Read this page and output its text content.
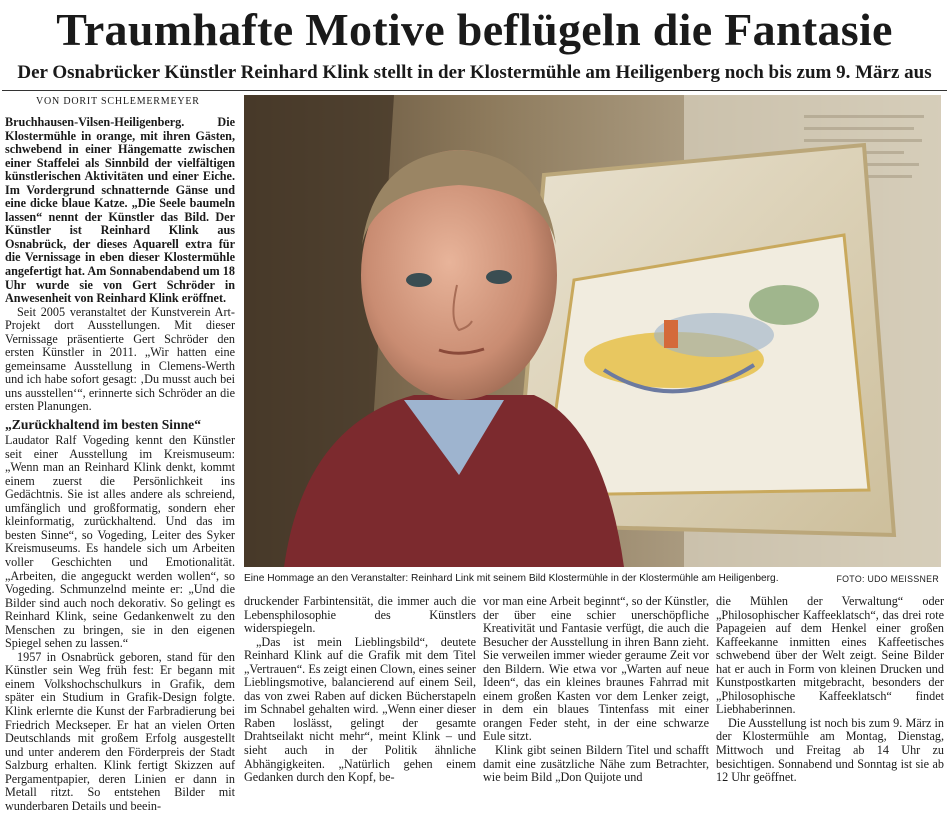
Traumhafte Motive beflügeln die Fantasie
Der Osnabrücker Künstler Reinhard Klink stellt in der Klostermühle am Heiligenberg noch bis zum 9. März aus
VON DORIT SCHLEMERMEYER

Bruchhausen-Vilsen-Heiligenberg. Die Klostermühle in orange, mit ihren Gästen, schwebend in einer Hängematte zwischen einer Staffelei als Sinnbild der vielfältigen künstlerischen Aktivitäten und einer Eiche. Im Vordergrund schnatternde Gänse und eine dicke blaue Katze. „Die Seele baumeln lassen“ nennt der Künstler das Bild. Der Künstler ist Reinhard Klink aus Osnabrück, der dieses Aquarell extra für die Vernissage in eben dieser Klostermühle angefertigt hat. Am Sonnabendabend um 18 Uhr wurde sie von Gert Schröder in Anwesenheit von Reinhard Klink eröffnet.

Seit 2005 veranstaltet der Kunstverein Art-Projekt dort Ausstellungen. Mit dieser Vernissage präsentierte Gert Schröder den ersten Künstler in 2011. „Wir hatten eine gemeinsame Ausstellung in Clemens-Werth und ich habe sofort gesagt: ‚Du musst auch bei uns ausstellen‘“, erinnerte sich Schröder an die ersten Planungen.

„Zurückhaltend im besten Sinne“

Laudator Ralf Vogeding kennt den Künstler seit einer Ausstellung im Kreismuseum: „Wenn man an Reinhard Klink denkt, kommt einem zuerst die Persönlichkeit ins Gedächtnis. Sie ist alles andere als schreiend, umfänglich und großformatig, sondern eher kleinformatig, zurückhaltend. Und das im besten Sinne“, so Vogeding, Leiter des Syker Kreismuseums. Es handele sich um Arbeiten voller Geschichten und Emotionalität. „Arbeiten, die angeguckt werden wollen“, so Vogeding. Schmunzelnd meinte er: „Und die Bilder sind auch noch dekorativ. So gelingt es Reinhard Klink, seine Gedankenwelt zu den Menschen zu bringen, sie in den eigenen Spiegel sehen zu lassen.“

1957 in Osnabrück geboren, stand für den Künstler sein Weg früh fest: Er begann mit einem Volkshochschulkurs in Grafik, dem später ein Studium in Grafik-Design folgte. Klink erlernte die Kunst der Farbradierung bei Friedrich Meckseper. Er hat an vielen Orten Deutschlands mit großem Erfolg ausgestellt und unter anderem den Förderpreis der Stadt Salzburg erhalten. Klink fertigt Skizzen auf Pergamentpapier, deren Linien er dann in Metall ritzt. So entstehen Bilder mit wunderbaren Details und beein-

Eine Hommage an den Veranstalter: Reinhard Link mit seinem Bild Klostermühle in der Klostermühle am Heiligenberg.	FOTO: UDO MEISSNER

druckender Farbintensität, die immer auch die Lebensphilosophie des Künstlers widerspiegeln.

„Das ist mein Lieblingsbild“, deutete Reinhard Klink auf die Grafik mit dem Titel „Vertrauen“. Es zeigt einen Clown, eines seiner Lieblingsmotive, balancierend auf einem Seil, das von zwei Raben auf dicken Bücherstapeln im Schnabel gehalten wird. „Wenn einer dieser Raben loslässt, gelingt der gesamte Drahtseilakt nicht mehr“, meint Klink – und sieht auch in der Politik ähnliche Abhängigkeiten. „Natürlich gehen einem Gedanken durch den Kopf, be-

vor man eine Arbeit beginnt“, so der Künstler, der über eine schier unerschöpfliche Kreativität und Fantasie verfügt, die auch die Besucher der Ausstellung in ihren Bann zieht. Sie verweilen immer wieder geraume Zeit vor den Bildern. Wie etwa vor „Warten auf neue Ideen“, das ein kleines braunes Fahrrad mit einem großen Kasten vor dem Lenker zeigt, in dem ein blaues Tintenfass mit einer orangen Feder steht, in der eine schwarze Eule sitzt.

Klink gibt seinen Bildern Titel und schafft damit eine zusätzliche Nähe zum Betrachter, wie beim Bild „Don Quijote und

die Mühlen der Verwaltung“ oder „Philosophischer Kaffeeklatsch“, das drei rote Papageien auf dem Henkel einer großen Kaffeekanne inmitten eines Kaffeetisches schwebend über der Welt zeigt. Seine Bilder hat er auch in Form von kleinen Drucken und Kunstpostkarten mitgebracht, besonders der „Philosophische Kaffeeklatsch“ findet Liebhaberinnen.

Die Ausstellung ist noch bis zum 9. März in der Klostermühle am Montag, Dienstag, Mittwoch und Freitag ab 14 Uhr zu besichtigen. Sonnabend und Sonntag ist sie ab 12 Uhr geöffnet.
